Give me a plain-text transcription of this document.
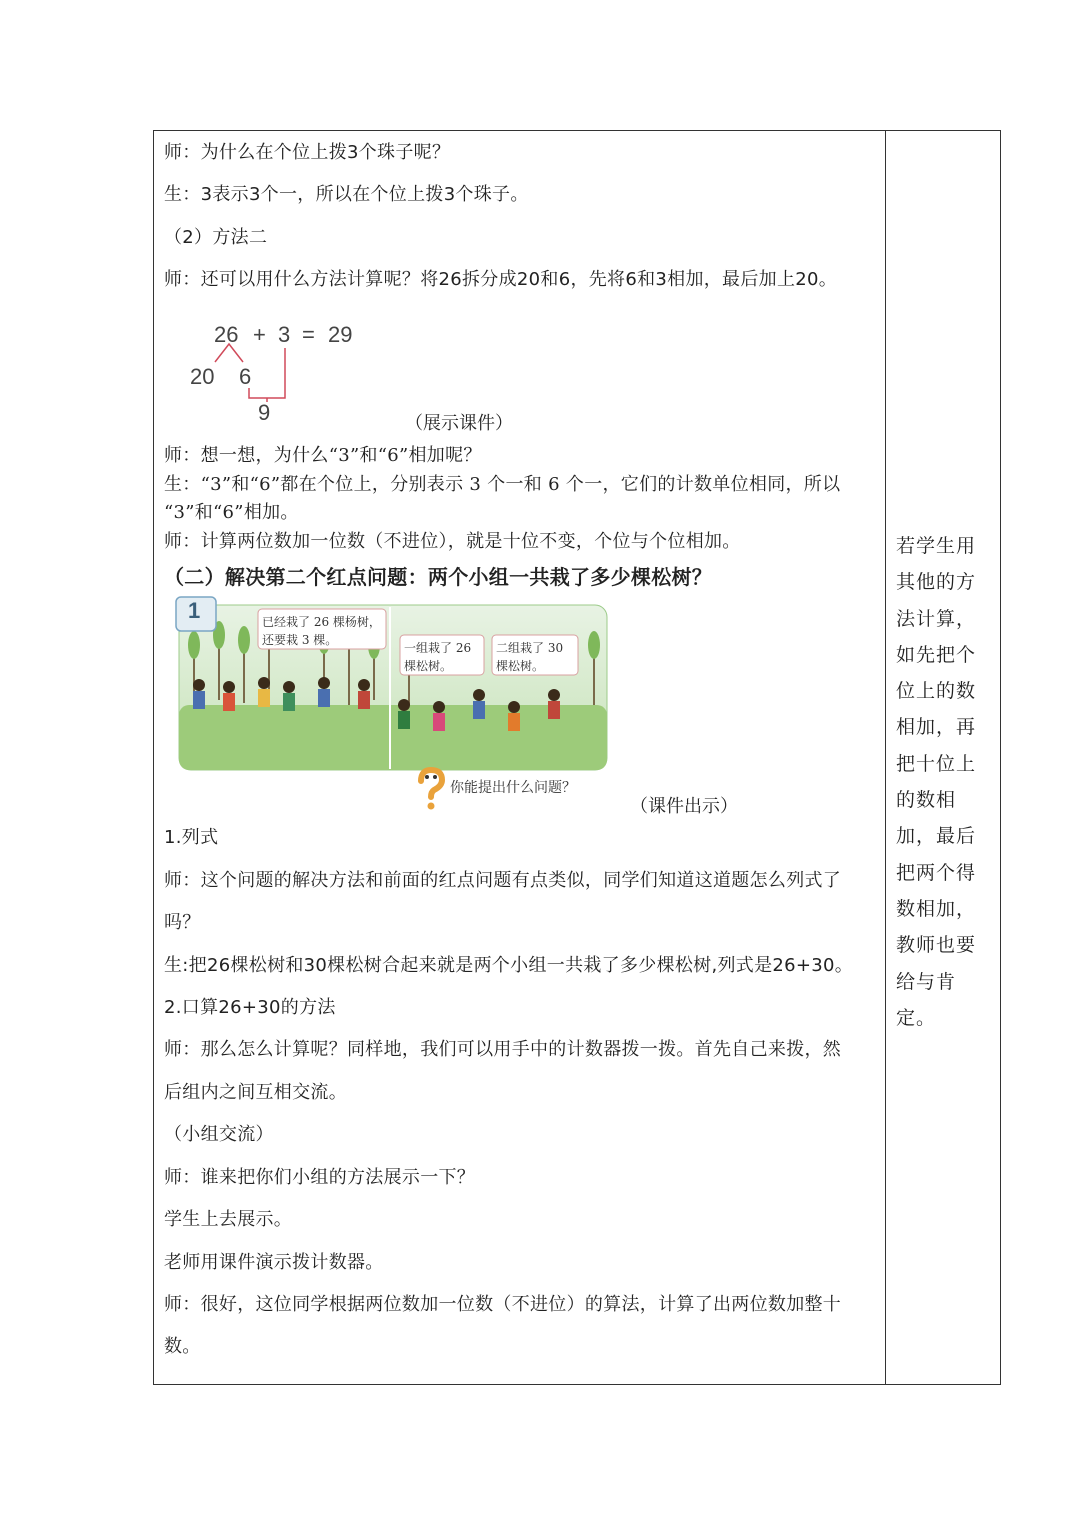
师：为什么在个位上拨3个珠子呢？
生：3表示3个一，所以在个位上拨3个珠子。
（2）方法二
师：还可以用什么方法计算呢？将26拆分成20和6，先将6和3相加，最后加上20。
师：想一想，为什么“3”和“6”相加呢？
生：“3”和“6”都在个位上，分别表示 3 个一和 6 个一，它们的计数单位相同，所以
“3”和“6”相加。
师：计算两位数加一位数（不进位），就是十位不变，个位与个位相加。
（二）解决第二个红点问题：两个小组一共栽了多少棵松树？
1.列式
师：这个问题的解决方法和前面的红点问题有点类似，同学们知道这道题怎么列式了
吗？
生:把26棵松树和30棵松树合起来就是两个小组一共栽了多少棵松树,列式是26+30。
2.口算26+30的方法
师：那么怎么计算呢？同样地，我们可以用手中的计数器拨一拨。首先自己来拨，然
后组内之间互相交流。
（小组交流）
师：谁来把你们小组的方法展示一下？
学生上去展示。
老师用课件演示拨计数器。
师：很好，这位同学根据两位数加一位数（不进位）的算法，计算了出两位数加整十
数。
26 + 3 = 29
20 6
9	（展示课件）
1	已经栽了 26 棵杨树，
还要栽 3 棵。
一组栽了 26
棵松树。
二组栽了 30
棵松树。
你能提出什么问题？
（课件出示）
若学生用
其他的方
法计算，
如先把个
位上的数
相加，再
把十位上
的数相
加，最后
把两个得
数相加，
教师也要
给与肯
定。
